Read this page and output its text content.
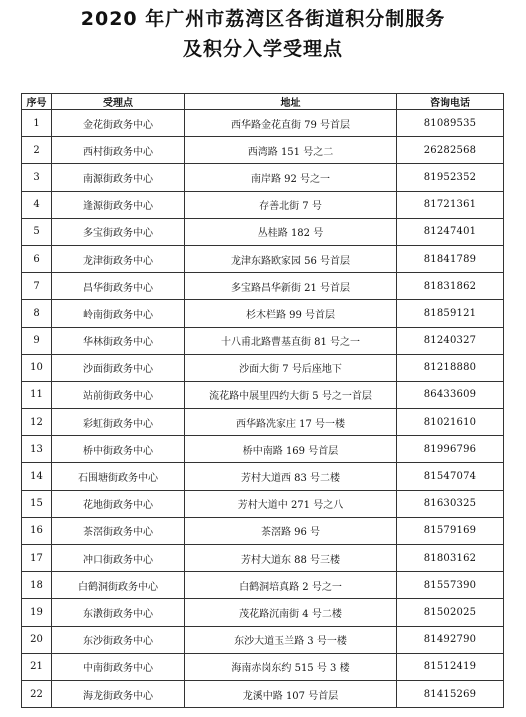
2020 年广州市荔湾区各街道积分制服务
及积分入学受理点
序号	受理点	地址	咨询电话
1	金花街政务中心	西华路金花直街 79 号首层	81089535
2	西村街政务中心	西湾路 151 号之二	26282568
3	南源街政务中心	南岸路 92 号之一	81952352
4	逢源街政务中心	存善北街 7 号	81721361
5	多宝街政务中心	丛桂路 182 号	81247401
6	龙津街政务中心	龙津东路欧家园 56 号首层	81841789
7	昌华街政务中心	多宝路昌华新街 21 号首层	81831862
8	岭南街政务中心	杉木栏路 99 号首层	81859121
9	华林街政务中心	十八甫北路曹基直街 81 号之一	81240327
10	沙面街政务中心	沙面大街 7 号后座地下	81218880
11	站前街政务中心	流花路中展里四约大街 5 号之一首层	86433609
12	彩虹街政务中心	西华路冼家庄 17 号一楼	81021610
13	桥中街政务中心	桥中南路 169 号首层	81996796
14	石围塘街政务中心	芳村大道西 83 号二楼	81547074
15	花地街政务中心	芳村大道中 271 号之八	81630325
16	茶滘街政务中心	茶滘路 96 号	81579169
17	冲口街政务中心	芳村大道东 88 号三楼	81803162
18	白鹤洞街政务中心	白鹤洞培真路 2 号之一	81557390
19	东漖街政务中心	茂花路沉南街 4 号二楼	81502025
20	东沙街政务中心	东沙大道玉兰路 3 号一楼	81492790
21	中南街政务中心	海南赤岗东约 515 号 3 楼	81512419
22	海龙街政务中心	龙溪中路 107 号首层	81415269
